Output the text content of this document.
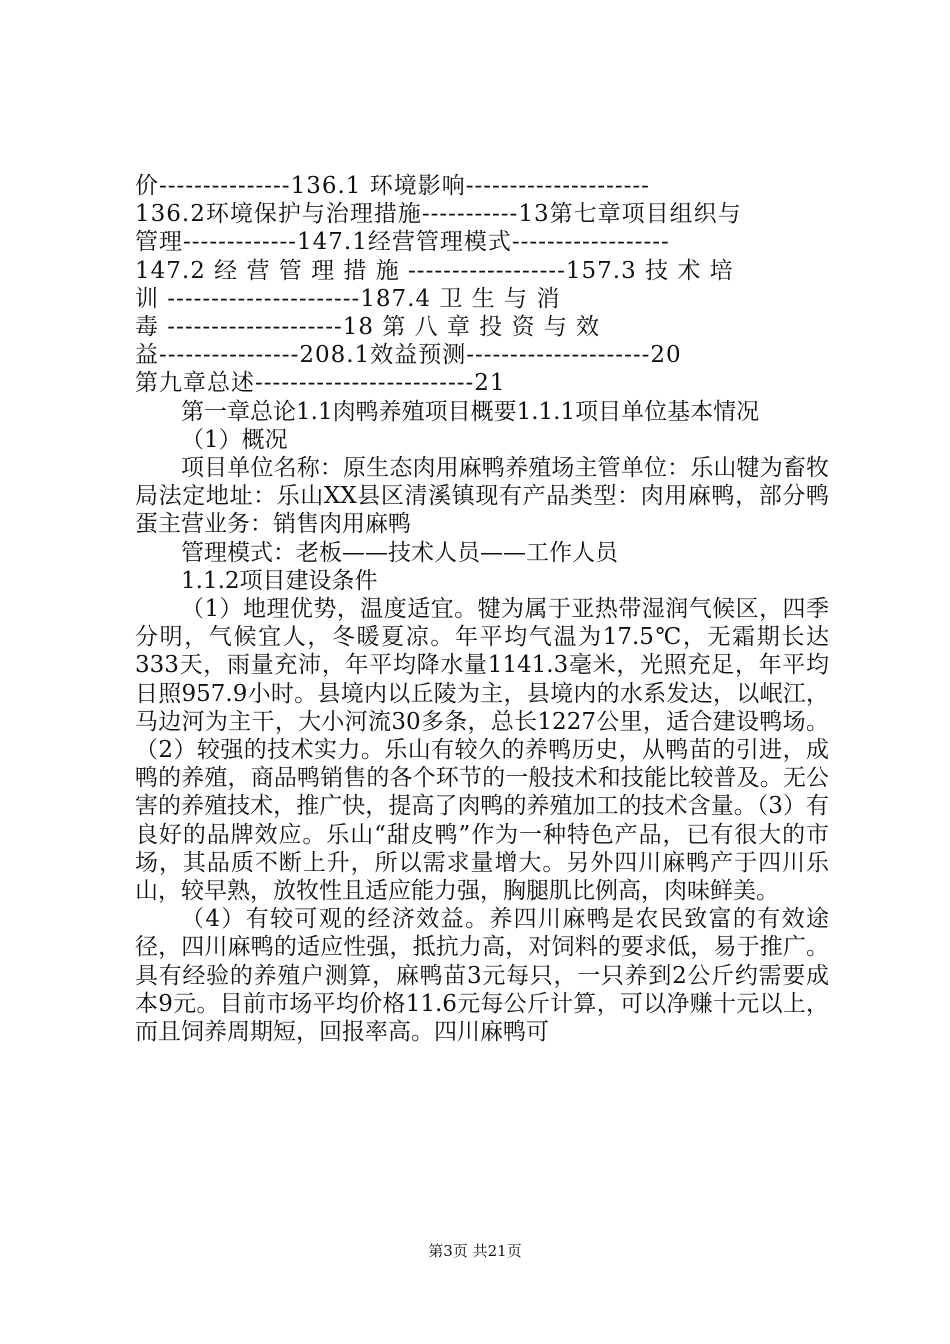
价---------------136.1 环境影响---------------------
136.2环境保护与治理措施-----------13第七章项目组织与
管理-------------147.1经营管理模式------------------
147.2 经 营 管 理 措 施 ------------------157.3 技 术 培
训 ----------------------187.4 卫 生 与 消
毒 --------------------18 第 八 章 投 资 与 效
益----------------208.1效益预测---------------------20
第九章总述-------------------------21

第一章总论1.1肉鸭养殖项目概要1.1.1项目单位基本情况

（1）概况

项目单位名称：原生态肉用麻鸭养殖场主管单位：乐山犍为畜牧局法定地址：乐山XX县区清溪镇现有产品类型：肉用麻鸭，部分鸭蛋主营业务：销售肉用麻鸭

管理模式：老板——技术人员——工作人员

1.1.2项目建设条件

（1）地理优势，温度适宜。犍为属于亚热带湿润气候区，四季分明，气候宜人，冬暖夏凉。年平均气温为17.5℃，无霜期长达333天，雨量充沛，年平均降水量1141.3毫米，光照充足，年平均日照957.9小时。县境内以丘陵为主，县境内的水系发达，以岷江，马边河为主干，大小河流30多条，总长1227公里，适合建设鸭场。（2）较强的技术实力。乐山有较久的养鸭历史，从鸭苗的引进，成鸭的养殖，商品鸭销售的各个环节的一般技术和技能比较普及。无公害的养殖技术，推广快，提高了肉鸭的养殖加工的技术含量。（3）有良好的品牌效应。乐山“甜皮鸭”作为一种特色产品，已有很大的市场，其品质不断上升，所以需求量增大。另外四川麻鸭产于四川乐山，较早熟，放牧性且适应能力强，胸腿肌比例高，肉味鲜美。

（4）有较可观的经济效益。养四川麻鸭是农民致富的有效途径，四川麻鸭的适应性强，抵抗力高，对饲料的要求低，易于推广。具有经验的养殖户测算，麻鸭苗3元每只，一只养到2公斤约需要成本9元。目前市场平均价格11.6元每公斤计算，可以净赚十元以上，而且饲养周期短，回报率高。四川麻鸭可

第3页 共21页
